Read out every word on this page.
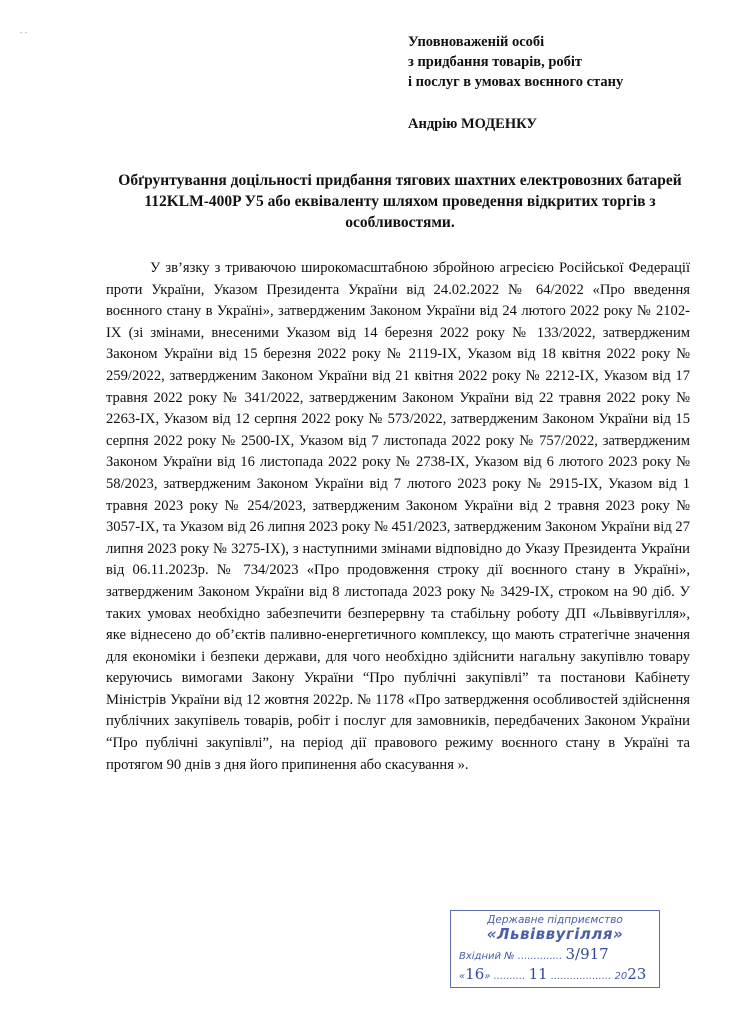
- -
Уповноваженій особі
з придбання товарів, робіт
і послуг в умовах воєнного стану
Андрію МОДЕНКУ
Обґрунтування доцільності придбання тягових шахтних електровозних батарей 112KLM-400P У5 або еквіваленту шляхом проведення відкритих торгів з особливостями.

У зв’язку з триваючою широкомасштабною збройною агресією Російської Федерації проти України, Указом Президента України від 24.02.2022 № 64/2022 «Про введення воєнного стану в Україні», затвердженим Законом України від 24 лютого 2022 року № 2102-IX (зі змінами, внесеними Указом від 14 березня 2022 року № 133/2022, затвердженим Законом України від 15 березня 2022 року № 2119-IX, Указом від 18 квітня 2022 року № 259/2022, затвердженим Законом України від 21 квітня 2022 року № 2212-IX, Указом від 17 травня 2022 року № 341/2022, затвердженим Законом України від 22 травня 2022 року № 2263-IX, Указом від 12 серпня 2022 року № 573/2022, затвердженим Законом України від 15 серпня 2022 року № 2500-IX, Указом від 7 листопада 2022 року № 757/2022, затвердженим Законом України від 16 листопада 2022 року № 2738-IX, Указом від 6 лютого 2023 року № 58/2023, затвердженим Законом України від 7 лютого 2023 року № 2915-IX, Указом від 1 травня 2023 року № 254/2023, затвердженим Законом України від 2 травня 2023 року № 3057-IX, та Указом від 26 липня 2023 року № 451/2023, затвердженим Законом України від 27 липня 2023 року № 3275-IX), з наступними змінами відповідно до Указу Президента України від 06.11.2023р. № 734/2023 «Про продовження строку дії воєнного стану в Україні», затвердженим Законом України від 8 листопада 2023 року № 3429-IX, строком на 90 діб. У таких умовах необхідно забезпечити безперервну та стабільну роботу ДП «Львіввугілля», яке віднесено до об’єктів паливно-енергетичного комплексу, що мають стратегічне значення для економіки і безпеки держави, для чого необхідно здійснити нагальну закупівлю товару керуючись вимогами Закону України “Про публічні закупівлі” та постанови Кабінету Міністрів України від 12 жовтня 2022р. № 1178 «Про затвердження особливостей здійснення публічних закупівель товарів, робіт і послуг для замовників, передбачених Законом України “Про публічні закупівлі”, на період дії правового режиму воєнного стану в Україні та протягом 90 днів з дня його припинення або скасування ».

Державне підприємство
«Львіввугілля»
Вхідний № .............. 3/917
«16» .......... 11 ................... 2023
